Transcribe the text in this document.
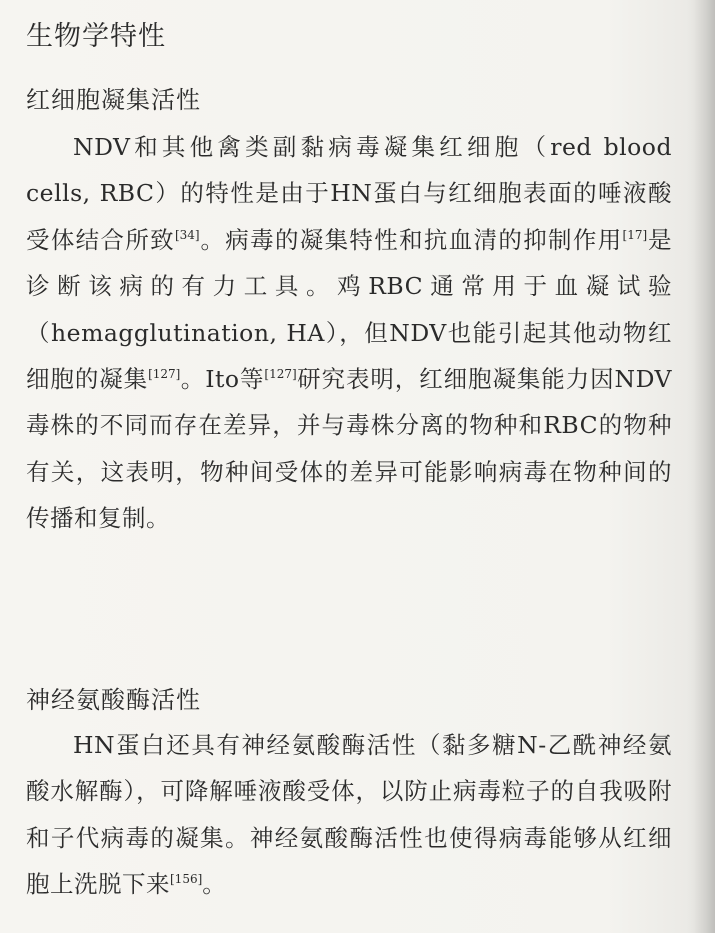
生物学特性
红细胞凝集活性

NDV和其他禽类副黏病毒凝集红细胞（red blood cells, RBC）的特性是由于HN蛋白与红细胞表面的唾液酸受体结合所致[34]。病毒的凝集特性和抗血清的抑制作用[17]是诊断该病的有力工具。鸡RBC通常用于血凝试验（hemagglutination, HA），但NDV也能引起其他动物红细胞的凝集[127]。Ito等[127]研究表明，红细胞凝集能力因NDV毒株的不同而存在差异，并与毒株分离的物种和RBC的物种有关，这表明，物种间受体的差异可能影响病毒在物种间的传播和复制。

神经氨酸酶活性

HN蛋白还具有神经氨酸酶活性（黏多糖N-乙酰神经氨酸水解酶），可降解唾液酸受体，以防止病毒粒子的自我吸附和子代病毒的凝集。神经氨酸酶活性也使得病毒能够从红细胞上洗脱下来[156]。
